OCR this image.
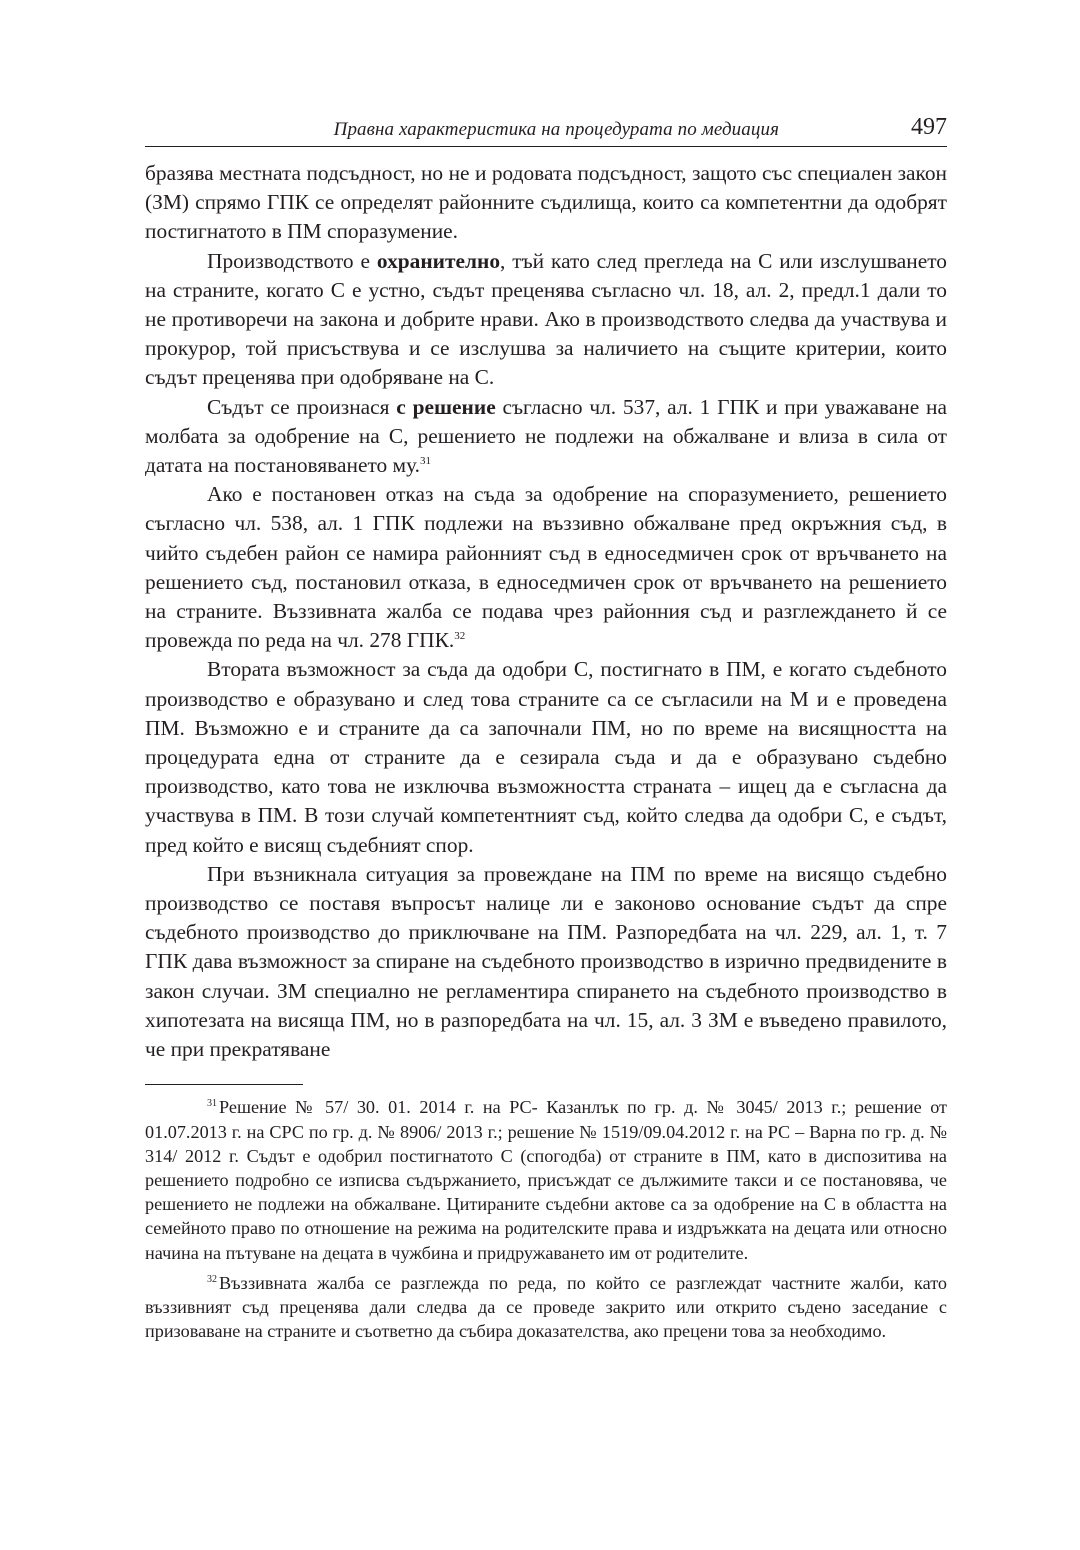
Правна характеристика на процедурата по медиация	497

бразява местната подсъдност, но не и родовата подсъдност, защото със специален закон (ЗМ) спрямо ГПК се определят районните съдилища, които са компетентни да одобрят постигнатото в ПМ споразумение.

Производството е охранително, тъй като след прегледа на С или изслушването на страните, когато С е устно, съдът преценява съгласно чл. 18, ал. 2, предл.1 дали то не противоречи на закона и добрите нрави. Ако в производството следва да участвува и прокурор, той присъствува и се изслушва за наличието на същите критерии, които съдът преценява при одобряване на С.

Съдът се произнася с решение съгласно чл. 537, ал. 1 ГПК и при уважаване на молбата за одобрение на С, решението не подлежи на обжалване и влиза в сила от датата на постановяването му.$^{31}$

Ако е постановен отказ на съда за одобрение на споразумението, решението съгласно чл. 538, ал. 1 ГПК подлежи на въззивно обжалване пред окръжния съд, в чийто съдебен район се намира районният съд в едноседмичен срок от връчването на решението съд, постановил отказа, в едноседмичен срок от връчването на решението на страните. Въззивната жалба се подава чрез районния съд и разглеждането й се провежда по реда на чл. 278 ГПК.$^{32}$

Втората възможност за съда да одобри С, постигнато в ПМ, е когато съдебното производство е образувано и след това страните са се съгласили на М и е проведена ПМ. Възможно е и страните да са започнали ПМ, но по време на висящността на процедурата една от страните да е сезирала съда и да е образувано съдебно производство, като това не изключва възможността страната – ищец да е съгласна да участвува в ПМ. В този случай компетентният съд, който следва да одобри С, е съдът, пред който е висящ съдебният спор.

При възникнала ситуация за провеждане на ПМ по време на висящо съдебно производство се поставя въпросът налице ли е законово основание съдът да спре съдебното производство до приключване на ПМ. Разпоредбата на чл. 229, ал. 1, т. 7 ГПК дава възможност за спиране на съдебното производство в изрично предвидените в закон случаи. ЗМ специално не регламентира спирането на съдебното производство в хипотезата на висяща ПМ, но в разпоредбата на чл. 15, ал. 3 ЗМ е въведено правилото, че при прекратяване

$^{31}$ Решение № 57/ 30. 01. 2014 г. на РС- Казанлък по гр. д. № 3045/ 2013 г.; решение от 01.07.2013 г. на СРС по гр. д. № 8906/ 2013 г.; решение № 1519/09.04.2012 г. на РС – Варна по гр. д. № 314/ 2012 г. Съдът е одобрил постигнатото С (спогодба) от страните в ПМ, като в диспозитива на решението подробно се изписва съдържанието, присъждат се дължимите такси и се постановява, че решението не подлежи на обжалване. Цитираните съдебни актове са за одобрение на С в областта на семейното право по отношение на режима на родителските права и издръжката на децата или относно начина на пътуване на децата в чужбина и придружаването им от родителите.

$^{32}$ Въззивната жалба се разглежда по реда, по който се разглеждат частните жалби, като въззивният съд преценява дали следва да се проведе закрито или открито съдено заседание с призоваване на страните и съответно да събира доказателства, ако прецени това за необходимо.
